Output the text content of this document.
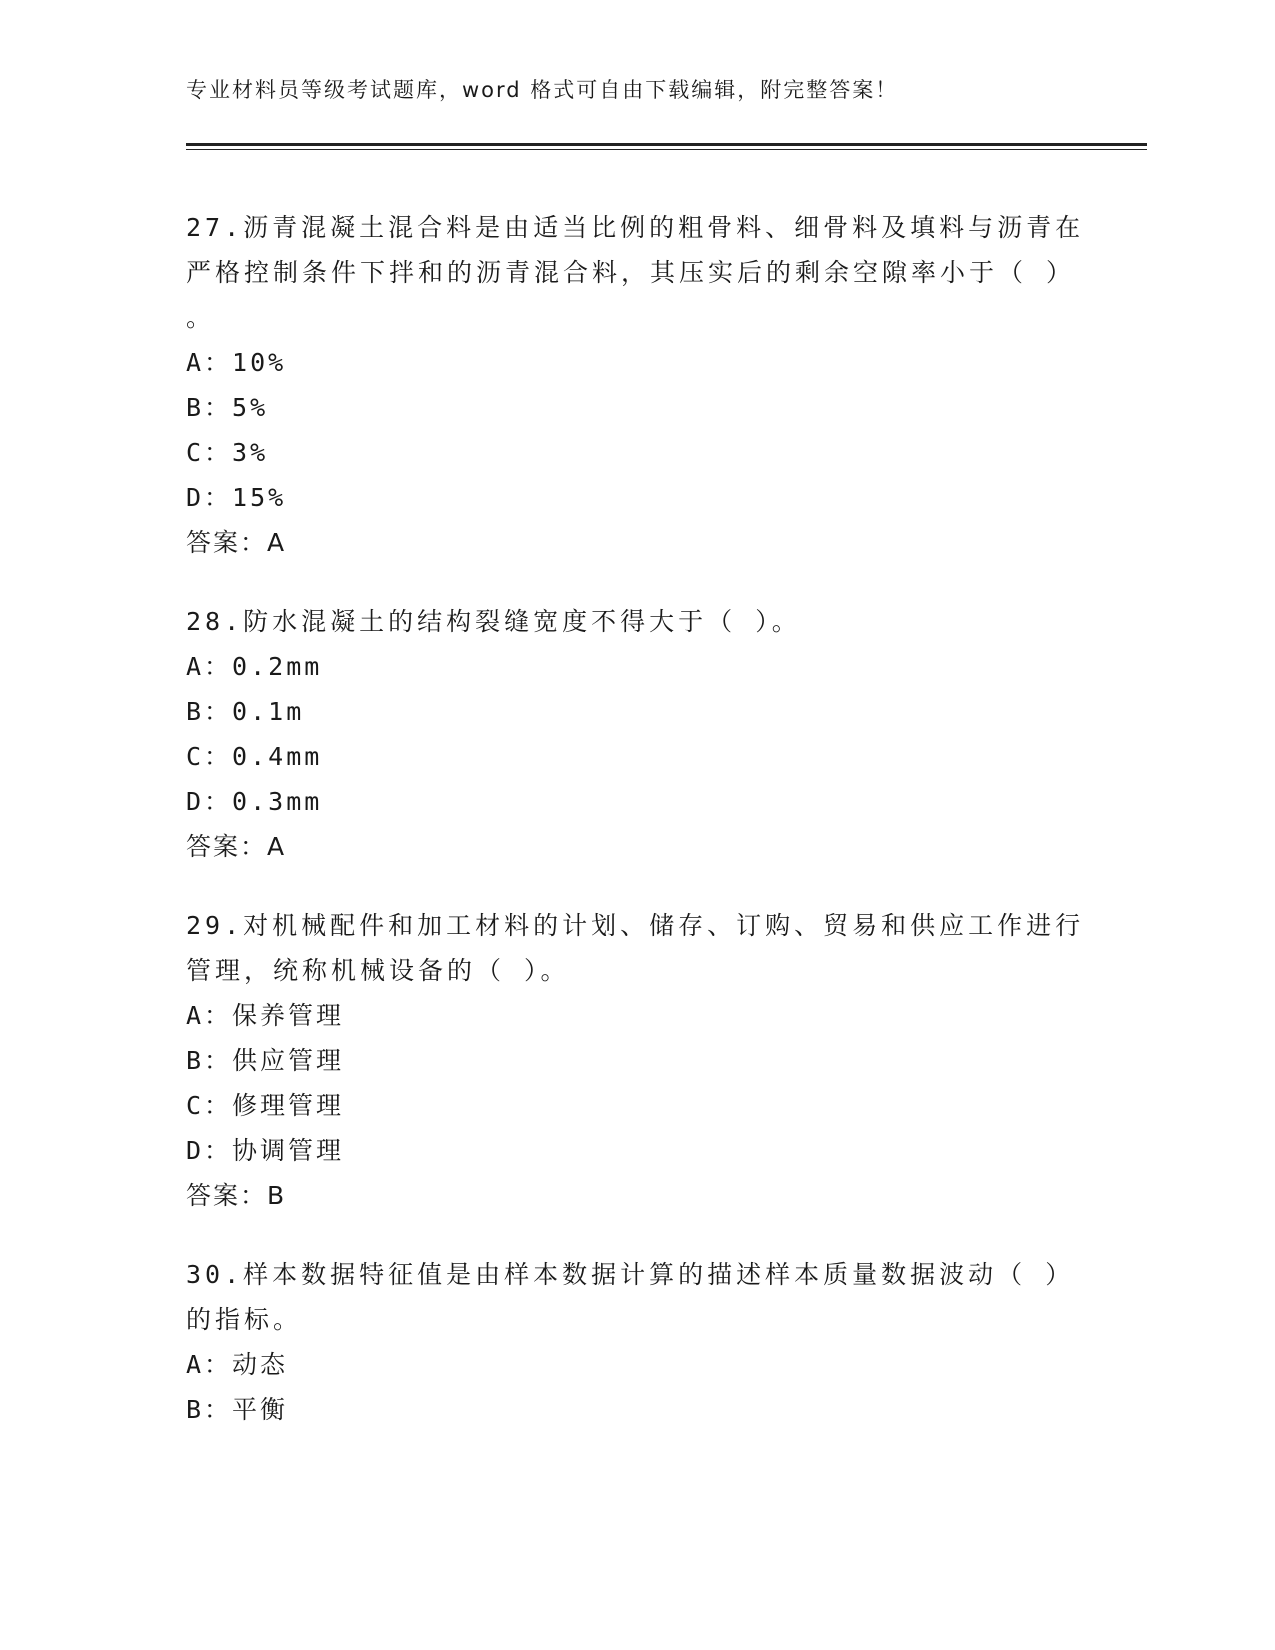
专业材料员等级考试题库，word 格式可自由下载编辑，附完整答案！

27.沥青混凝土混合料是由适当比例的粗骨料、细骨料及填料与沥青在

严格控制条件下拌和的沥青混合料，其压实后的剩余空隙率小于（ ）

。

A：10%

B：5%

C：3%

D：15%

答案：A

28.防水混凝土的结构裂缝宽度不得大于（ ）。

A：0.2mm

B：0.1m

C：0.4mm

D：0.3mm

答案：A

29.对机械配件和加工材料的计划、储存、订购、贸易和供应工作进行

管理，统称机械设备的（ ）。

A：保养管理

B：供应管理

C：修理管理

D：协调管理

答案：B

30.样本数据特征值是由样本数据计算的描述样本质量数据波动（ ）

的指标。

A：动态

B：平衡
